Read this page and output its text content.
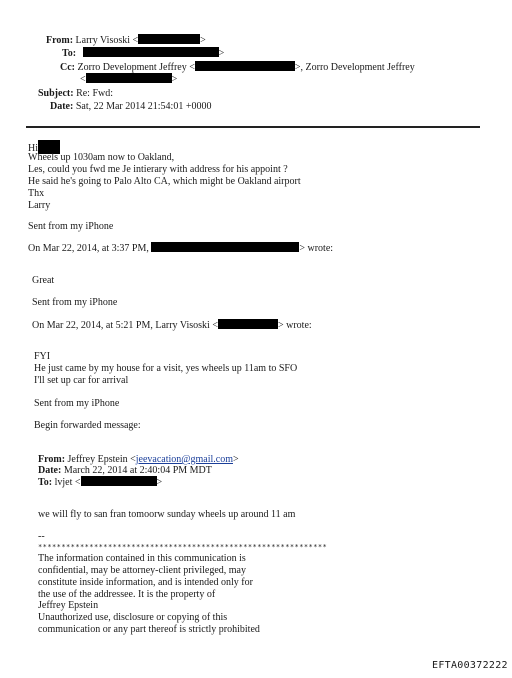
From: Larry Visoski <	>
To:	>
Cc: Zorro Development Jeffrey <	>, Zorro Development Jeffrey
<	>
Subject: Re: Fwd:
Date: Sat, 22 Mar 2014 21:54:01 +0000
Hi
Wheels up 1030am now to Oakland,
Les, could you fwd me Je intierary with address for his appoint ?
He said he's going to Palo Alto CA, which might be Oakland airport
Thx
Larry
Sent from my iPhone
On Mar 22, 2014, at 3:37 PM,	> wrote:
Great
Sent from my iPhone
On Mar 22, 2014, at 5:21 PM, Larry Visoski <	> wrote:
FYI
He just came by my house for a visit, yes wheels up 11am to SFO
I'll set up car for arrival
Sent from my iPhone
Begin forwarded message:
From: Jeffrey Epstein <jeevacation@gmail.com>
Date: March 22, 2014 at 2:40:04 PM MDT
To: lvjet <	>
we will fly to san fran tomoorw sunday wheels up around 11 am
--
**************************************************************
The information contained in this communication is
confidential, may be attorney-client privileged, may
constitute inside information, and is intended only for
the use of the addressee. It is the property of
Jeffrey Epstein
Unauthorized use, disclosure or copying of this
communication or any part thereof is strictly prohibited
EFTA00372222
